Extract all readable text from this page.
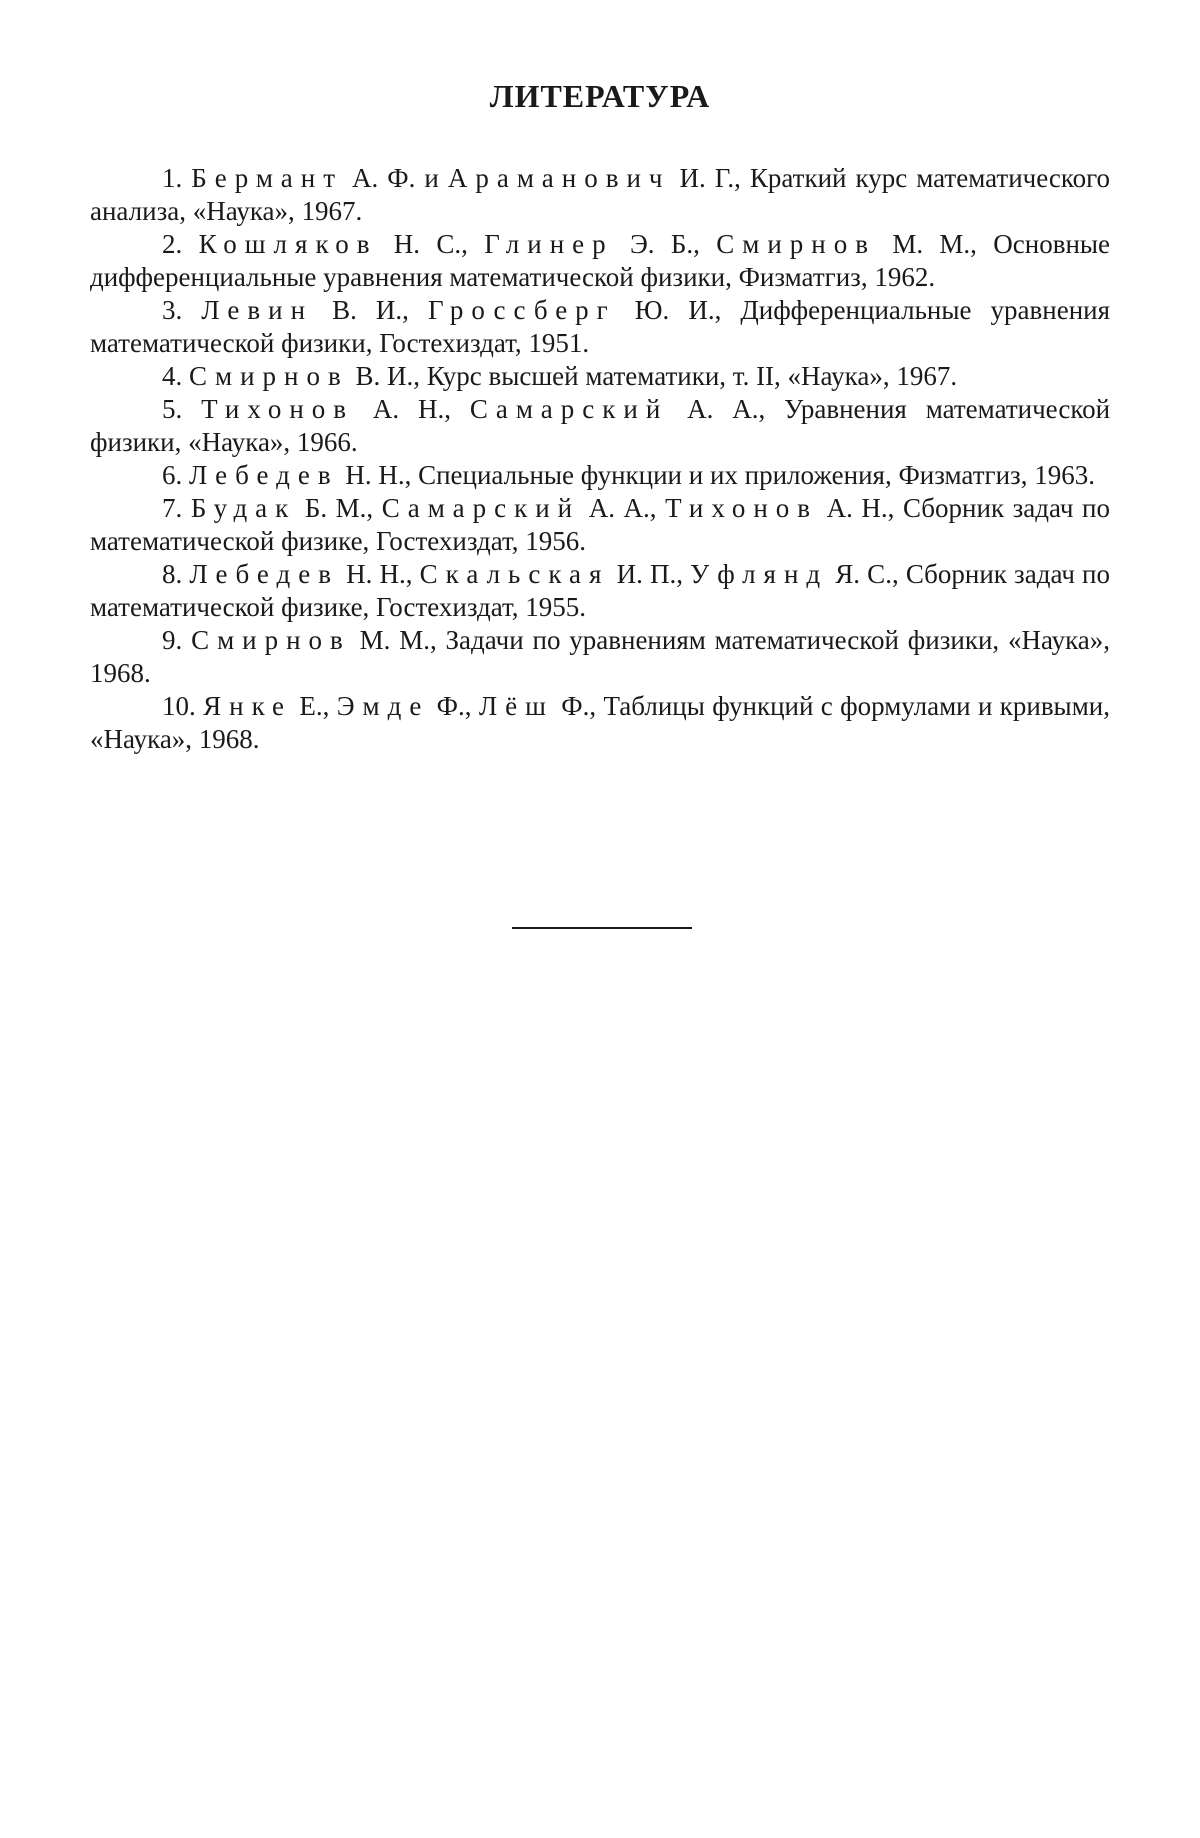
ЛИТЕРАТУРА
1. Бермант А. Ф. и Араманович И. Г., Краткий курс математического анализа, «Наука», 1967.
2. Кошляков Н. С., Глинер Э. Б., Смирнов М. М., Основные дифференциальные уравнения математической физики, Физматгиз, 1962.
3. Левин В. И., Гроссберг Ю. И., Дифференциальные уравнения математической физики, Гостехиздат, 1951.
4. Смирнов В. И., Курс высшей математики, т. II, «Наука», 1967.
5. Тихонов А. Н., Самарский А. А., Уравнения математической физики, «Наука», 1966.
6. Лебедев Н. Н., Специальные функции и их приложения, Физматгиз, 1963.
7. Будак Б. М., Самарский А. А., Тихонов А. Н., Сборник задач по математической физике, Гостехиздат, 1956.
8. Лебедев Н. Н., Скальская И. П., Уфлянд Я. С., Сборник задач по математической физике, Гостехиздат, 1955.
9. Смирнов М. М., Задачи по уравнениям математической физики, «Наука», 1968.
10. Янке Е., Эмде Ф., Лёш Ф., Таблицы функций с формулами и кривыми, «Наука», 1968.
